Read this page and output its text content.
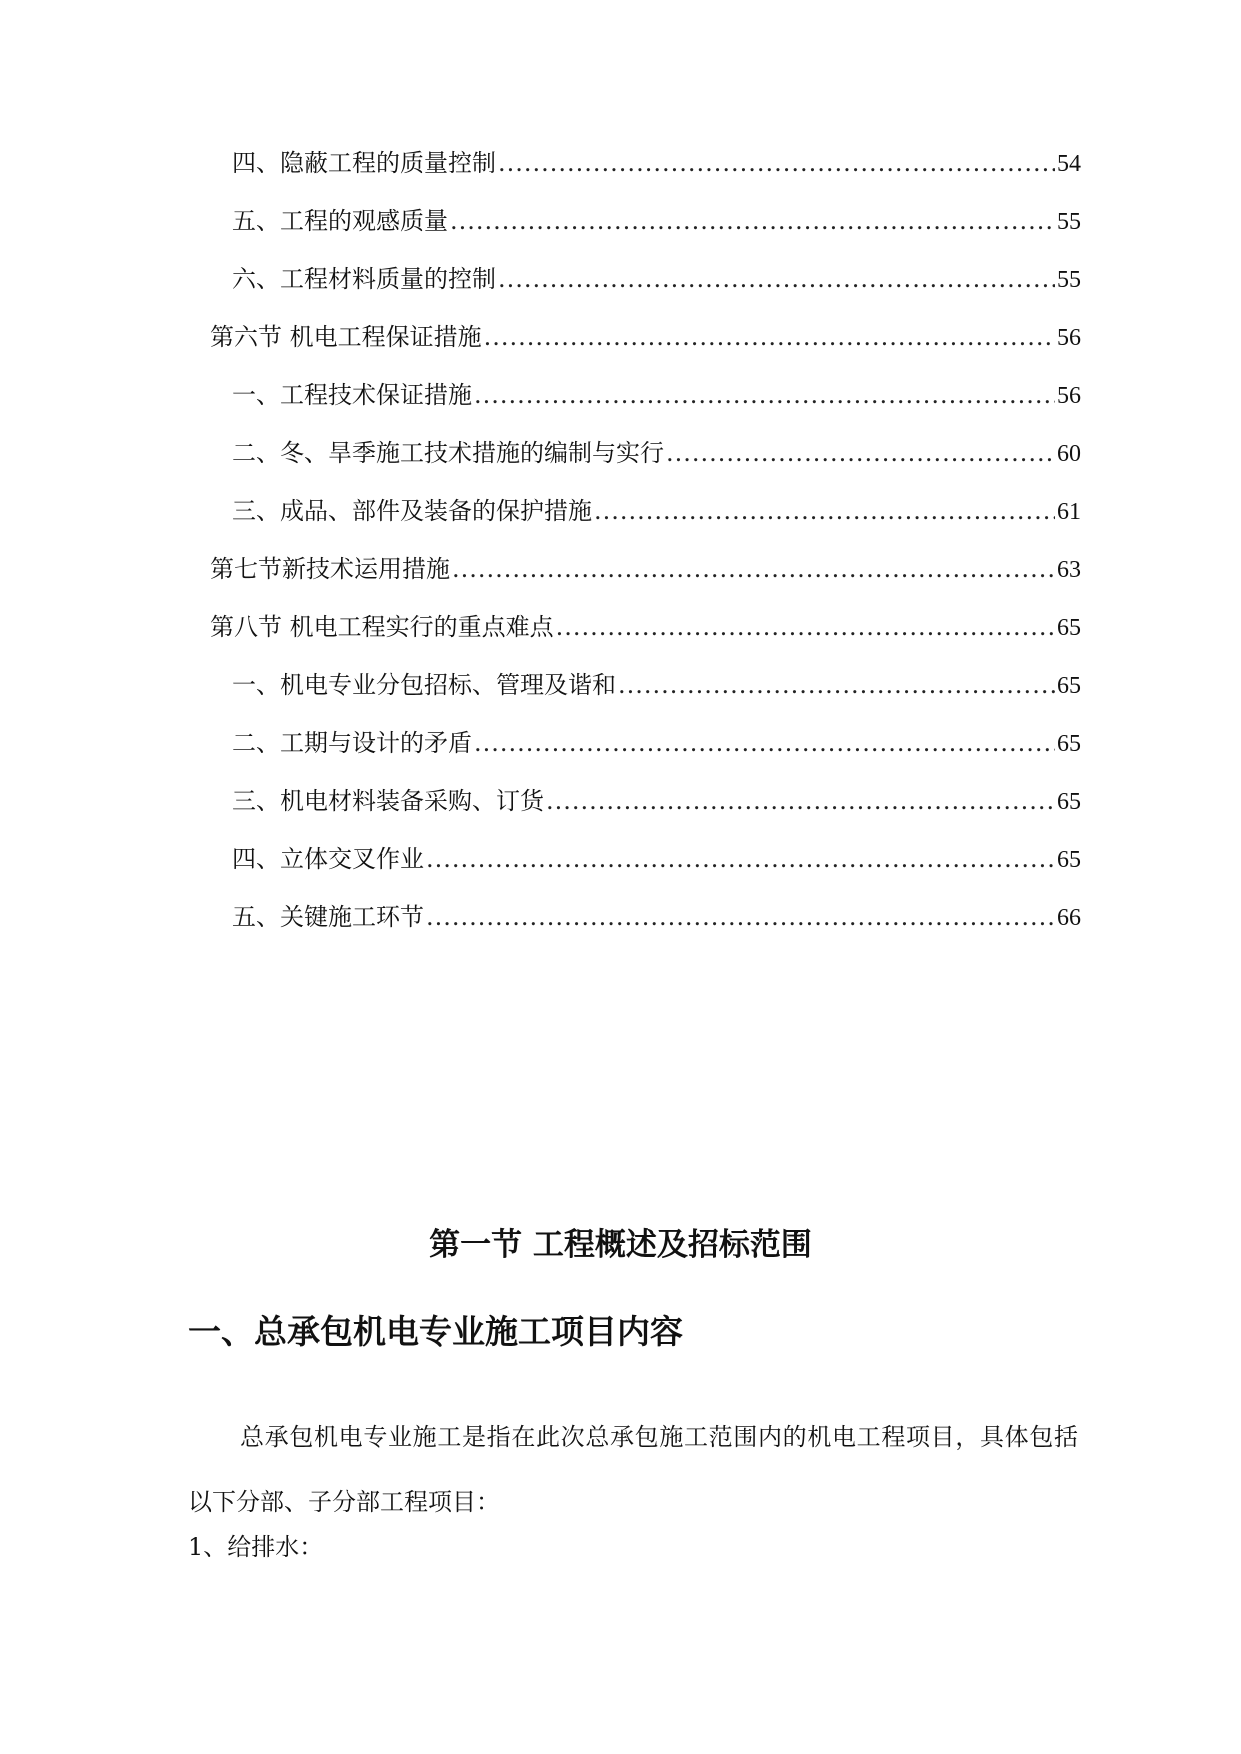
四、隐蔽工程的质量控制 .....	54
五、工程的观感质量 .....	55
六、工程材料质量的控制 .....	55
第六节 机电工程保证措施 .....	56
一、工程技术保证措施 .....	56
二、冬、旱季施工技术措施的编制与实行 .....	60
三、成品、部件及装备的保护措施 .....	61
第七节新技术运用措施 .....	63
第八节 机电工程实行的重点难点 .....	65
一、机电专业分包招标、管理及谐和 .....	65
二、工期与设计的矛盾 .....	65
三、机电材料装备采购、订货 .....	65
四、立体交叉作业 .....	65
五、关键施工环节 .....	66
第一节 工程概述及招标范围
一、总承包机电专业施工项目内容

总承包机电专业施工是指在此次总承包施工范围内的机电工程项目，具体包括以下分部、子分部工程项目：

1、给排水：
